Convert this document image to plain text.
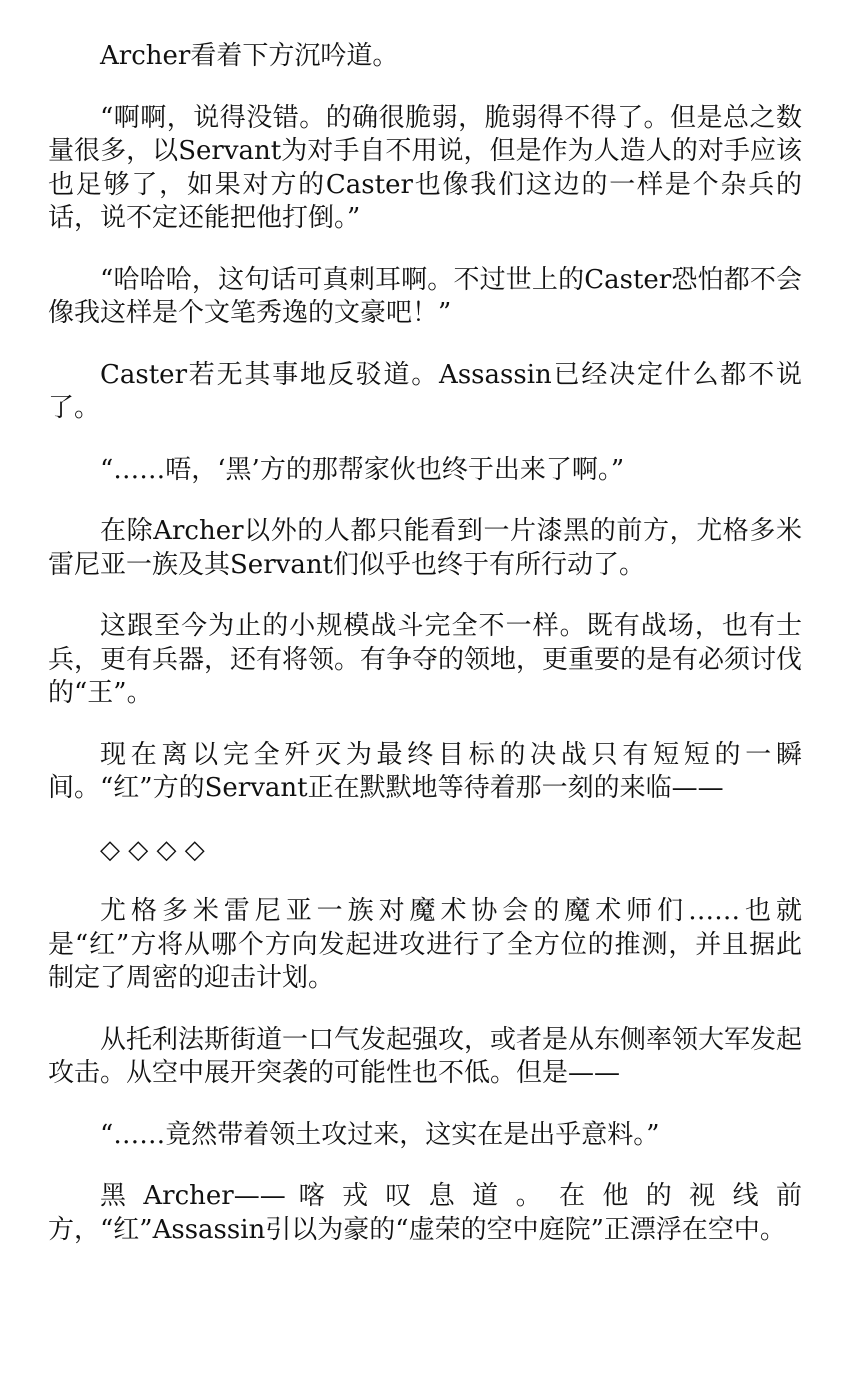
Archer看着下方沉吟道。

“啊啊，说得没错。的确很脆弱，脆弱得不得了。但是总之数量很多，以Servant为对手自不用说，但是作为人造人的对手应该也足够了，如果对方的Caster也像我们这边的一样是个杂兵的话，说不定还能把他打倒。”

“哈哈哈，这句话可真刺耳啊。不过世上的Caster恐怕都不会像我这样是个文笔秀逸的文豪吧！”

Caster若无其事地反驳道。Assassin已经决定什么都不说了。

“……唔，‘黑’方的那帮家伙也终于出来了啊。”

在除Archer以外的人都只能看到一片漆黑的前方，尤格多米雷尼亚一族及其Servant们似乎也终于有所行动了。

这跟至今为止的小规模战斗完全不一样。既有战场，也有士兵，更有兵器，还有将领。有争夺的领地，更重要的是有必须讨伐的“王”。

现在离以完全歼灭为最终目标的决战只有短短的一瞬间。“红”方的Servant正在默默地等待着那一刻的来临——

◇ ◇ ◇ ◇

尤格多米雷尼亚一族对魔术协会的魔术师们……也就是“红”方将从哪个方向发起进攻进行了全方位的推测，并且据此制定了周密的迎击计划。

从托利法斯街道一口气发起强攻，或者是从东侧率领大军发起攻击。从空中展开突袭的可能性也不低。但是——

“……竟然带着领土攻过来，这实在是出乎意料。”

黑 Archer—— 喀 戎 叹 息 道 。 在 他 的 视 线 前 方，“红”Assassin引以为豪的“虚荣的空中庭院”正漂浮在空中。
